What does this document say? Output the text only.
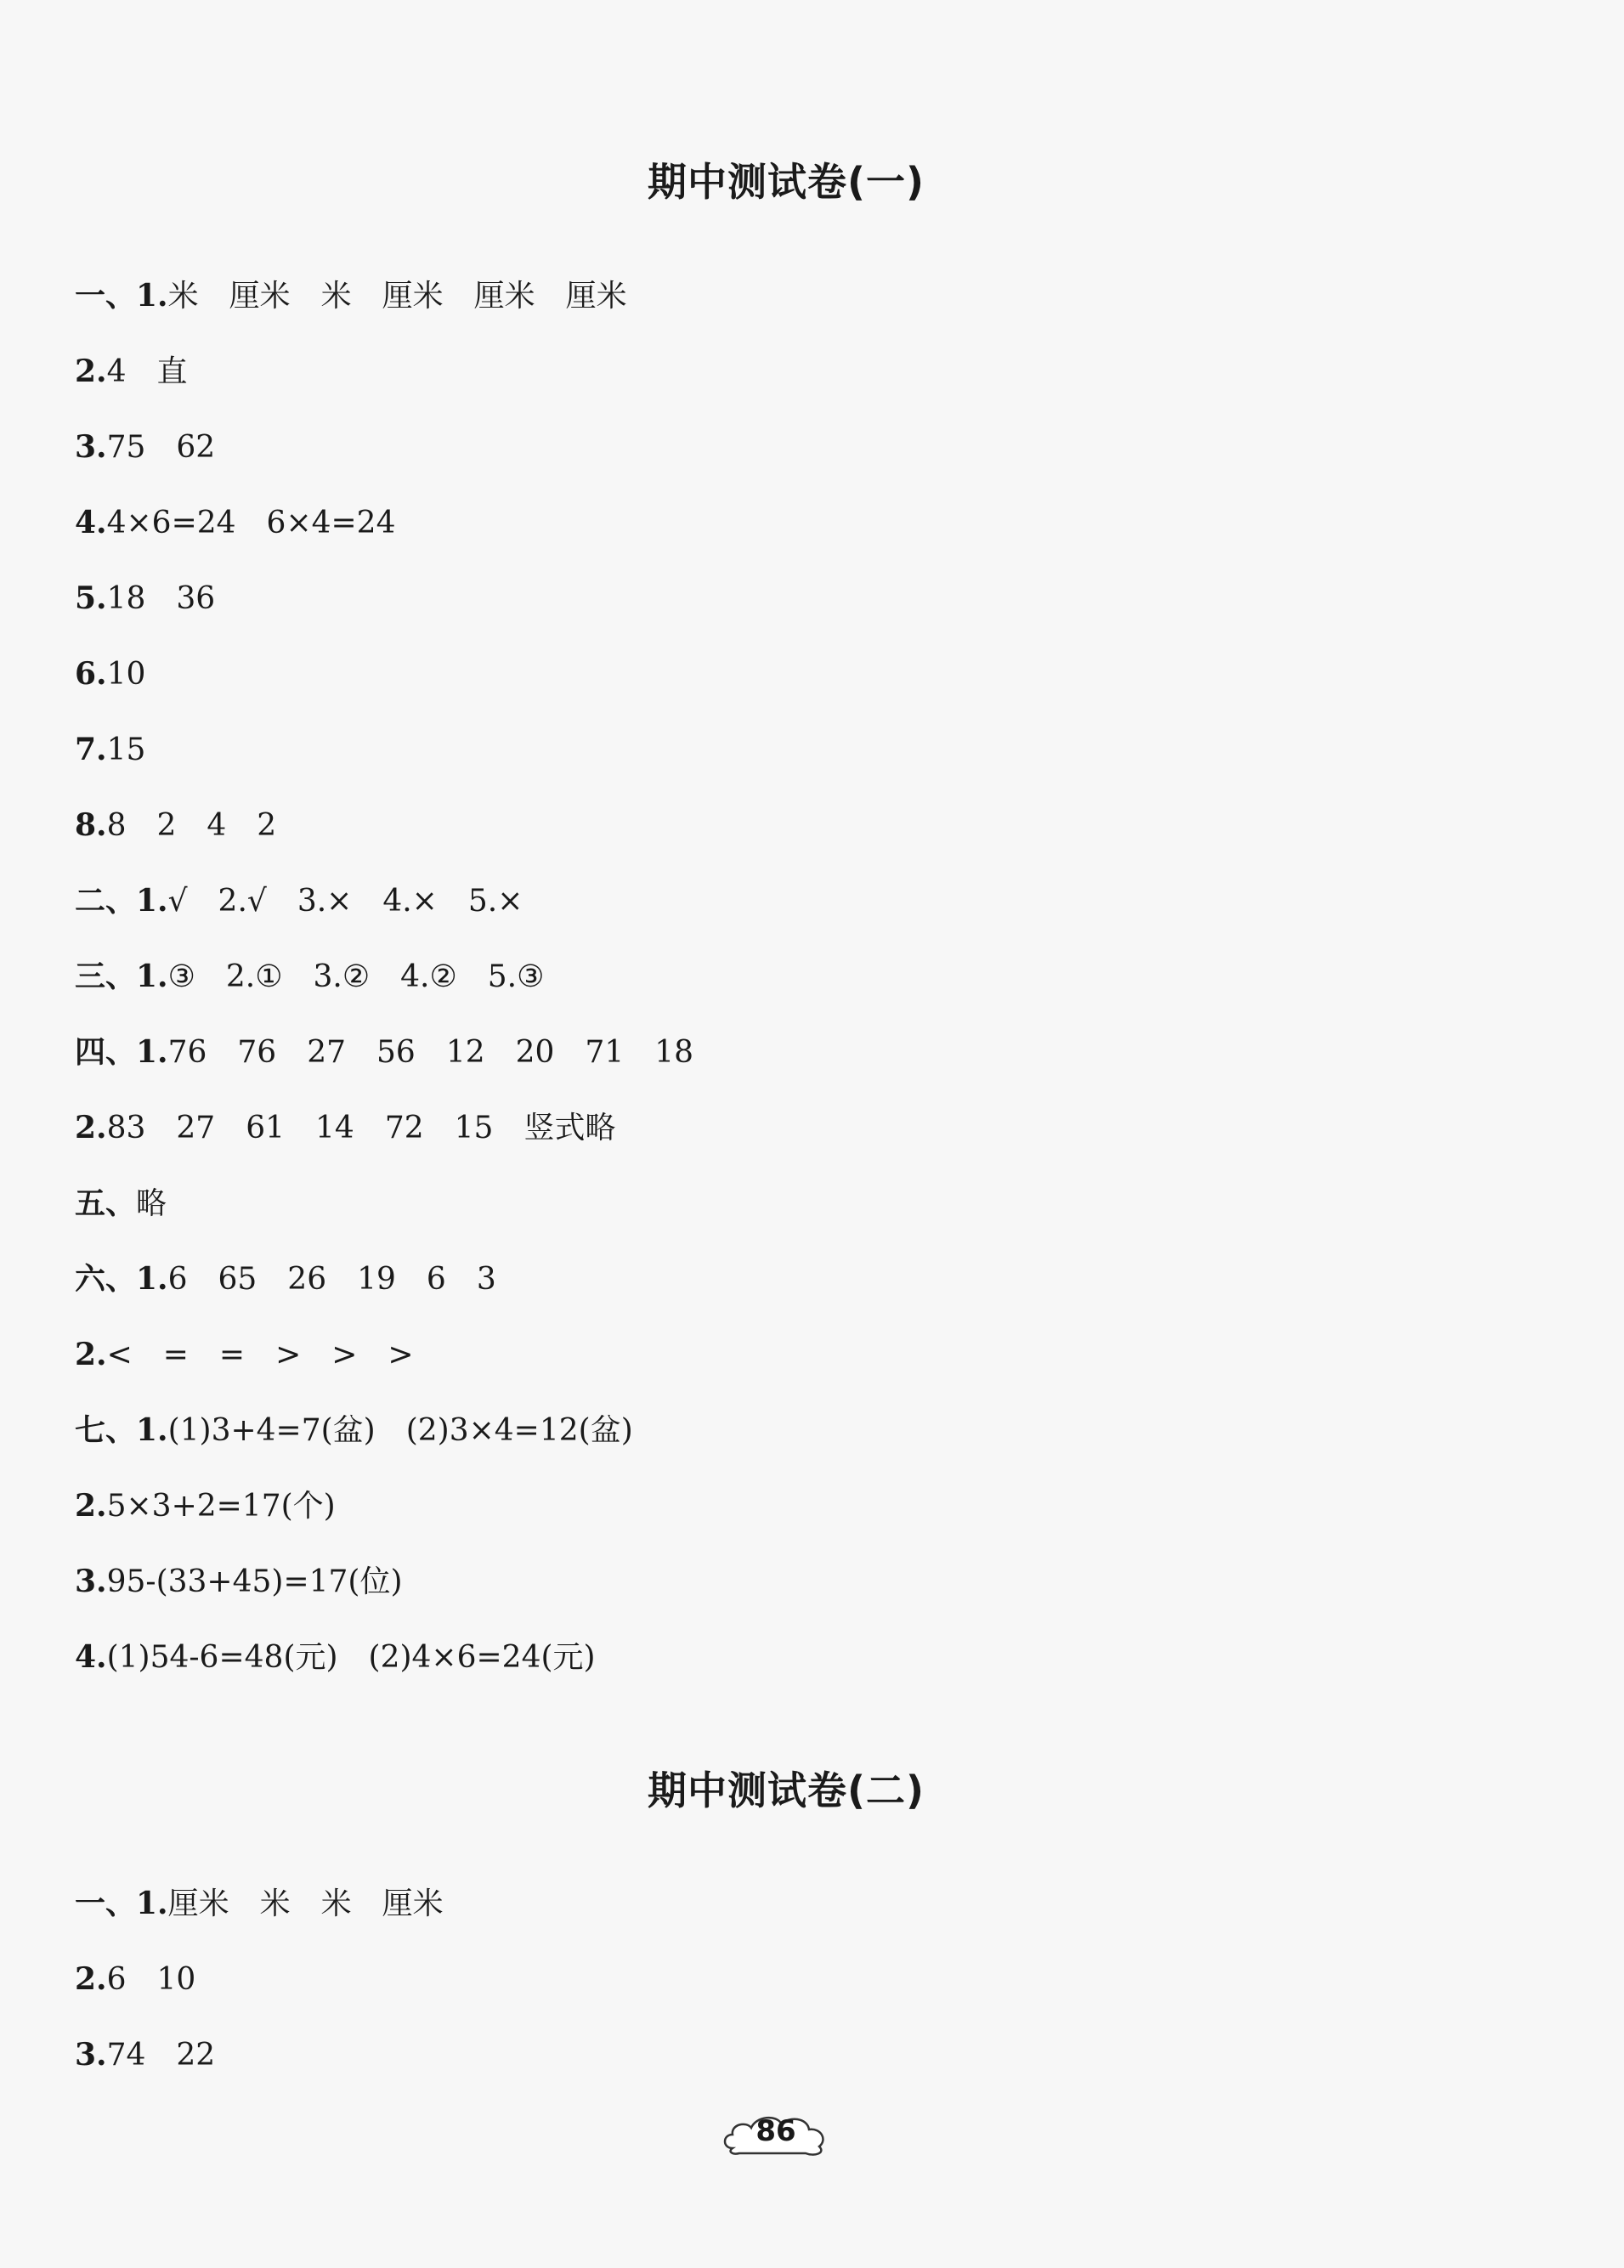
期中测试卷(一)
一、1.米　厘米　米　厘米　厘米　厘米
2.4　直
3.75　62
4.4×6=24　6×4=24
5.18　36
6.10
7.15
8.8　2　4　2
二、1.√　2.√　3.×　4.×　5.×
三、1.③　2.①　3.②　4.②　5.③
四、1.76　76　27　56　12　20　71　18
2.83　27　61　14　72　15　竖式略
五、略
六、1.6　65　26　19　6　3
2.<　=　=　>　>　>
七、1.(1)3+4=7(盆)　(2)3×4=12(盆)
2.5×3+2=17(个)
3.95-(33+45)=17(位)
4.(1)54-6=48(元)　(2)4×6=24(元)
期中测试卷(二)
一、1.厘米　米　米　厘米
2.6　10
3.74　22
86
